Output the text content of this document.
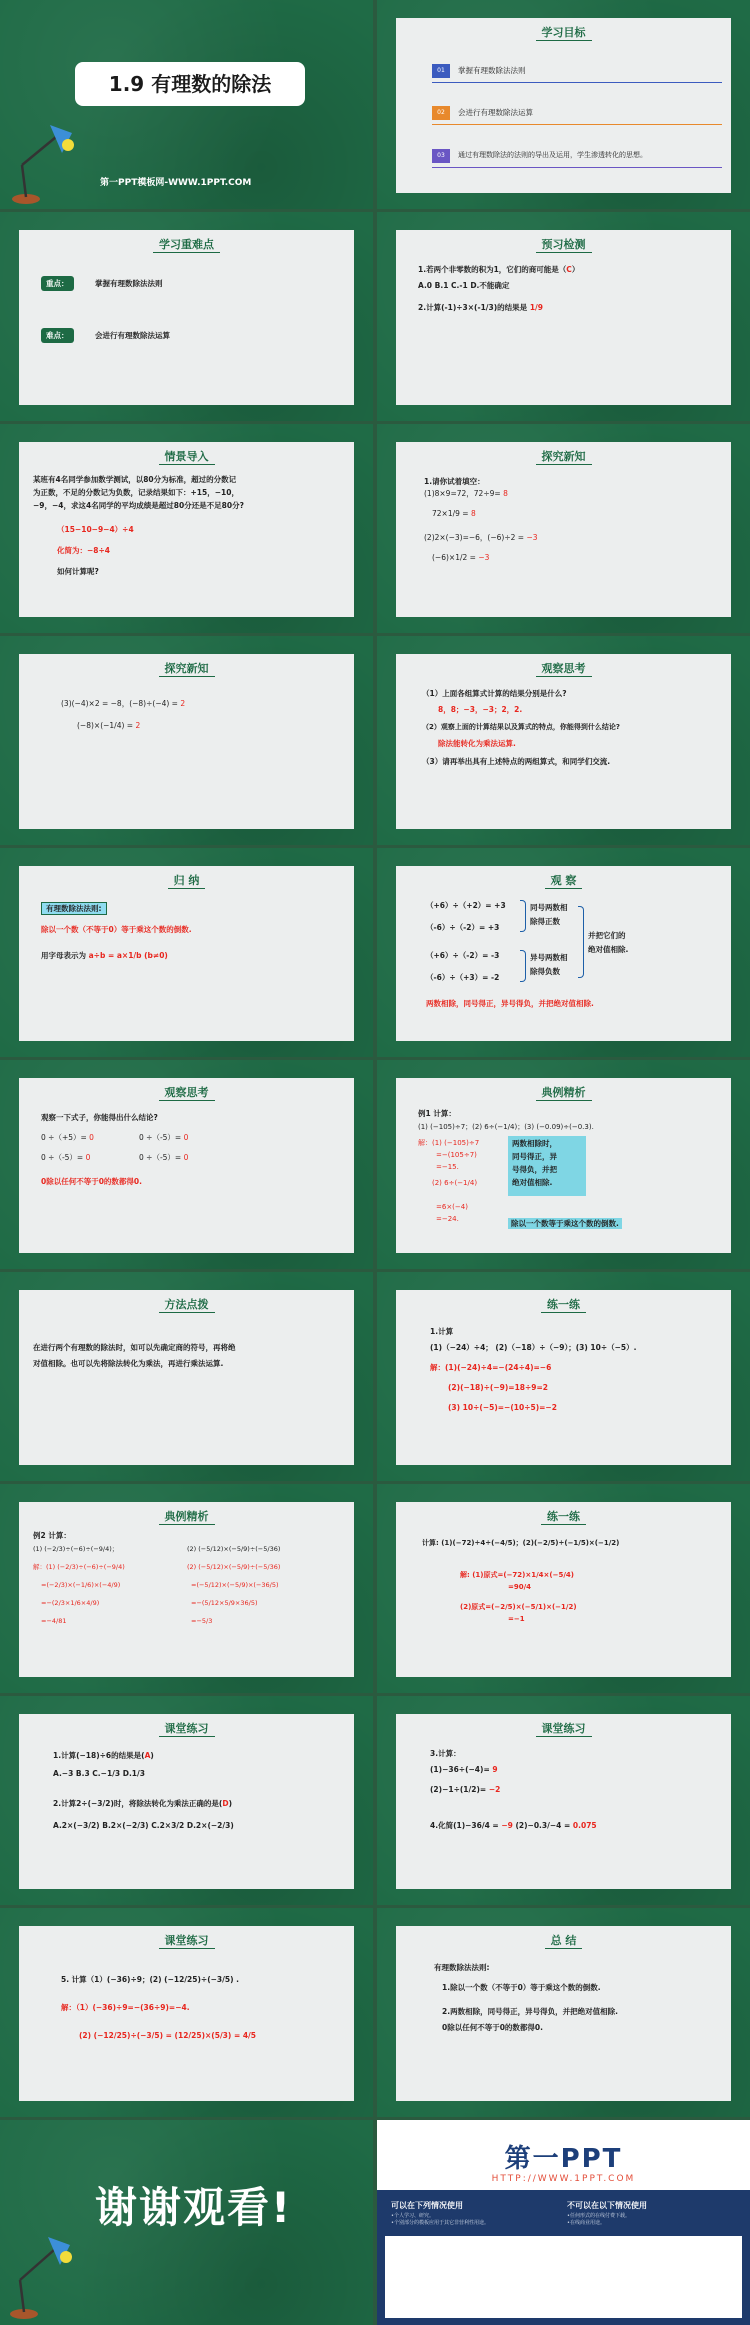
1.9 有理数的除法
第一PPT模板网-WWW.1PPT.COM
学习目标
01	掌握有理数除法法则
02	会进行有理数除法运算
03	通过有理数除法的法则的导出及运用，学生渗透转化的思想。
学习重难点
重点：	掌握有理数除法法则
难点：	会进行有理数除法运算
预习检测
1.若两个非零数的积为1，它们的商可能是（C）
A.0 B.1 C.-1 D.不能确定
2.计算(-1)÷3×(-1/3)的结果是 1/9
情景导入
某班有4名同学参加数学测试，以80分为标准，超过的分数记
为正数，不足的分数记为负数，记录结果如下：+15，−10，
−9，−4，求这4名同学的平均成绩是超过80分还是不足80分?
（15−10−9−4）÷4
化简为：−8÷4
如何计算呢?
探究新知
1.请你试着填空：
(1)8×9=72，72÷9= 8
72×1/9 = 8
(2)2×(−3)=−6，(−6)÷2 = −3
(−6)×1/2 = −3
探究新知
(3)(−4)×2 = −8，(−8)÷(−4) = 2
(−8)×(−1/4) = 2
观察思考
（1）上面各组算式计算的结果分别是什么?
8，8；−3，−3；2，2.
（2）观察上面的计算结果以及算式的特点，你能得到什么结论?
除法能转化为乘法运算.
（3）请再举出具有上述特点的两组算式，和同学们交流.
归 纳
有理数除法法则:
除以一个数（不等于0）等于乘这个数的倒数.
用字母表示为 a÷b = a×1/b (b≠0)
观 察
（+6）÷（+2）= +3
（-6）÷（-2）= +3
（+6）÷（-2）= -3
（-6）÷（+3）= -2
同号两数相
除得正数
异号两数相
除得负数
并把它们的
绝对值相除.
两数相除，同号得正，异号得负，并把绝对值相除.
观察思考
观察一下式子，你能得出什么结论?
0 ÷（+5）= 0	0 ÷（-5）= 0
0 ÷（-5）= 0	0 ÷（-5）= 0
0除以任何不等于0的数都得0.
典例精析
例1 计算：
(1) (−105)÷7；(2) 6÷(−1/4)；(3) (−0.09)÷(−0.3).
解：(1) (−105)÷7
=−(105÷7)
=−15.
(2) 6÷(−1/4)
=6×(−4)
=−24.
两数相除时，
同号得正，异
号得负，并把
绝对值相除.
除以一个数等于乘这个数的倒数.
方法点拨
在进行两个有理数的除法时，如可以先确定商的符号，再将绝
对值相除。也可以先将除法转化为乘法，再进行乘法运算.
练一练
1.计算
(1)（−24）÷4； (2)（−18）÷（−9）；(3) 10÷（−5）.
解：(1)(−24)÷4=−(24÷4)=−6
(2)(−18)÷(−9)=18÷9=2
(3) 10÷(−5)=−(10÷5)=−2
典例精析
例2 计算：
(1) (−2/3)÷(−6)÷(−9/4)；	(2) (−5/12)×(−5/9)÷(−5/36)
解：(1) (−2/3)÷(−6)÷(−9/4)
=(−2/3)×(−1/6)×(−4/9)
=−(2/3×1/6×4/9)
=−4/81
(2) (−5/12)×(−5/9)÷(−5/36)
=(−5/12)×(−5/9)×(−36/5)
=−(5/12×5/9×36/5)
=−5/3
练一练
计算: (1)(−72)÷4÷(−4/5)；(2)(−2/5)÷(−1/5)×(−1/2)
解: (1)原式=(−72)×1/4×(−5/4)
=90/4
(2)原式=(−2/5)×(−5/1)×(−1/2)
=−1
课堂练习
1.计算(−18)÷6的结果是(A)
A.−3 B.3 C.−1/3 D.1/3
2.计算2÷(−3/2)时，将除法转化为乘法正确的是(D)
A.2×(−3/2) B.2×(−2/3) C.2×3/2 D.2×(−2/3)
课堂练习
3.计算：
(1)−36÷(−4)= 9
(2)−1÷(1/2)= −2
4.化简(1)−36/4 = −9 (2)−0.3/−4 = 0.075
课堂练习
5. 计算（1）(−36)÷9；(2) (−12/25)÷(−3/5) .
解：（1）(−36)÷9=−(36÷9)=−4.
(2) (−12/25)÷(−3/5) = (12/25)×(5/3) = 4/5
总 结
有理数除法法则:
1.除以一个数（不等于0）等于乘这个数的倒数.
2.两数相除，同号得正，异号得负，并把绝对值相除.
0除以任何不等于0的数都得0.
谢谢观看!
第一PPT
HTTP://WWW.1PPT.COM
可以在下列情况使用
•个人学习、研究。
•个别部分的模板应用于其它非营利性用途。
不可以在以下情况使用
•任何形式的在线付费下载。
•在线商业用途。
